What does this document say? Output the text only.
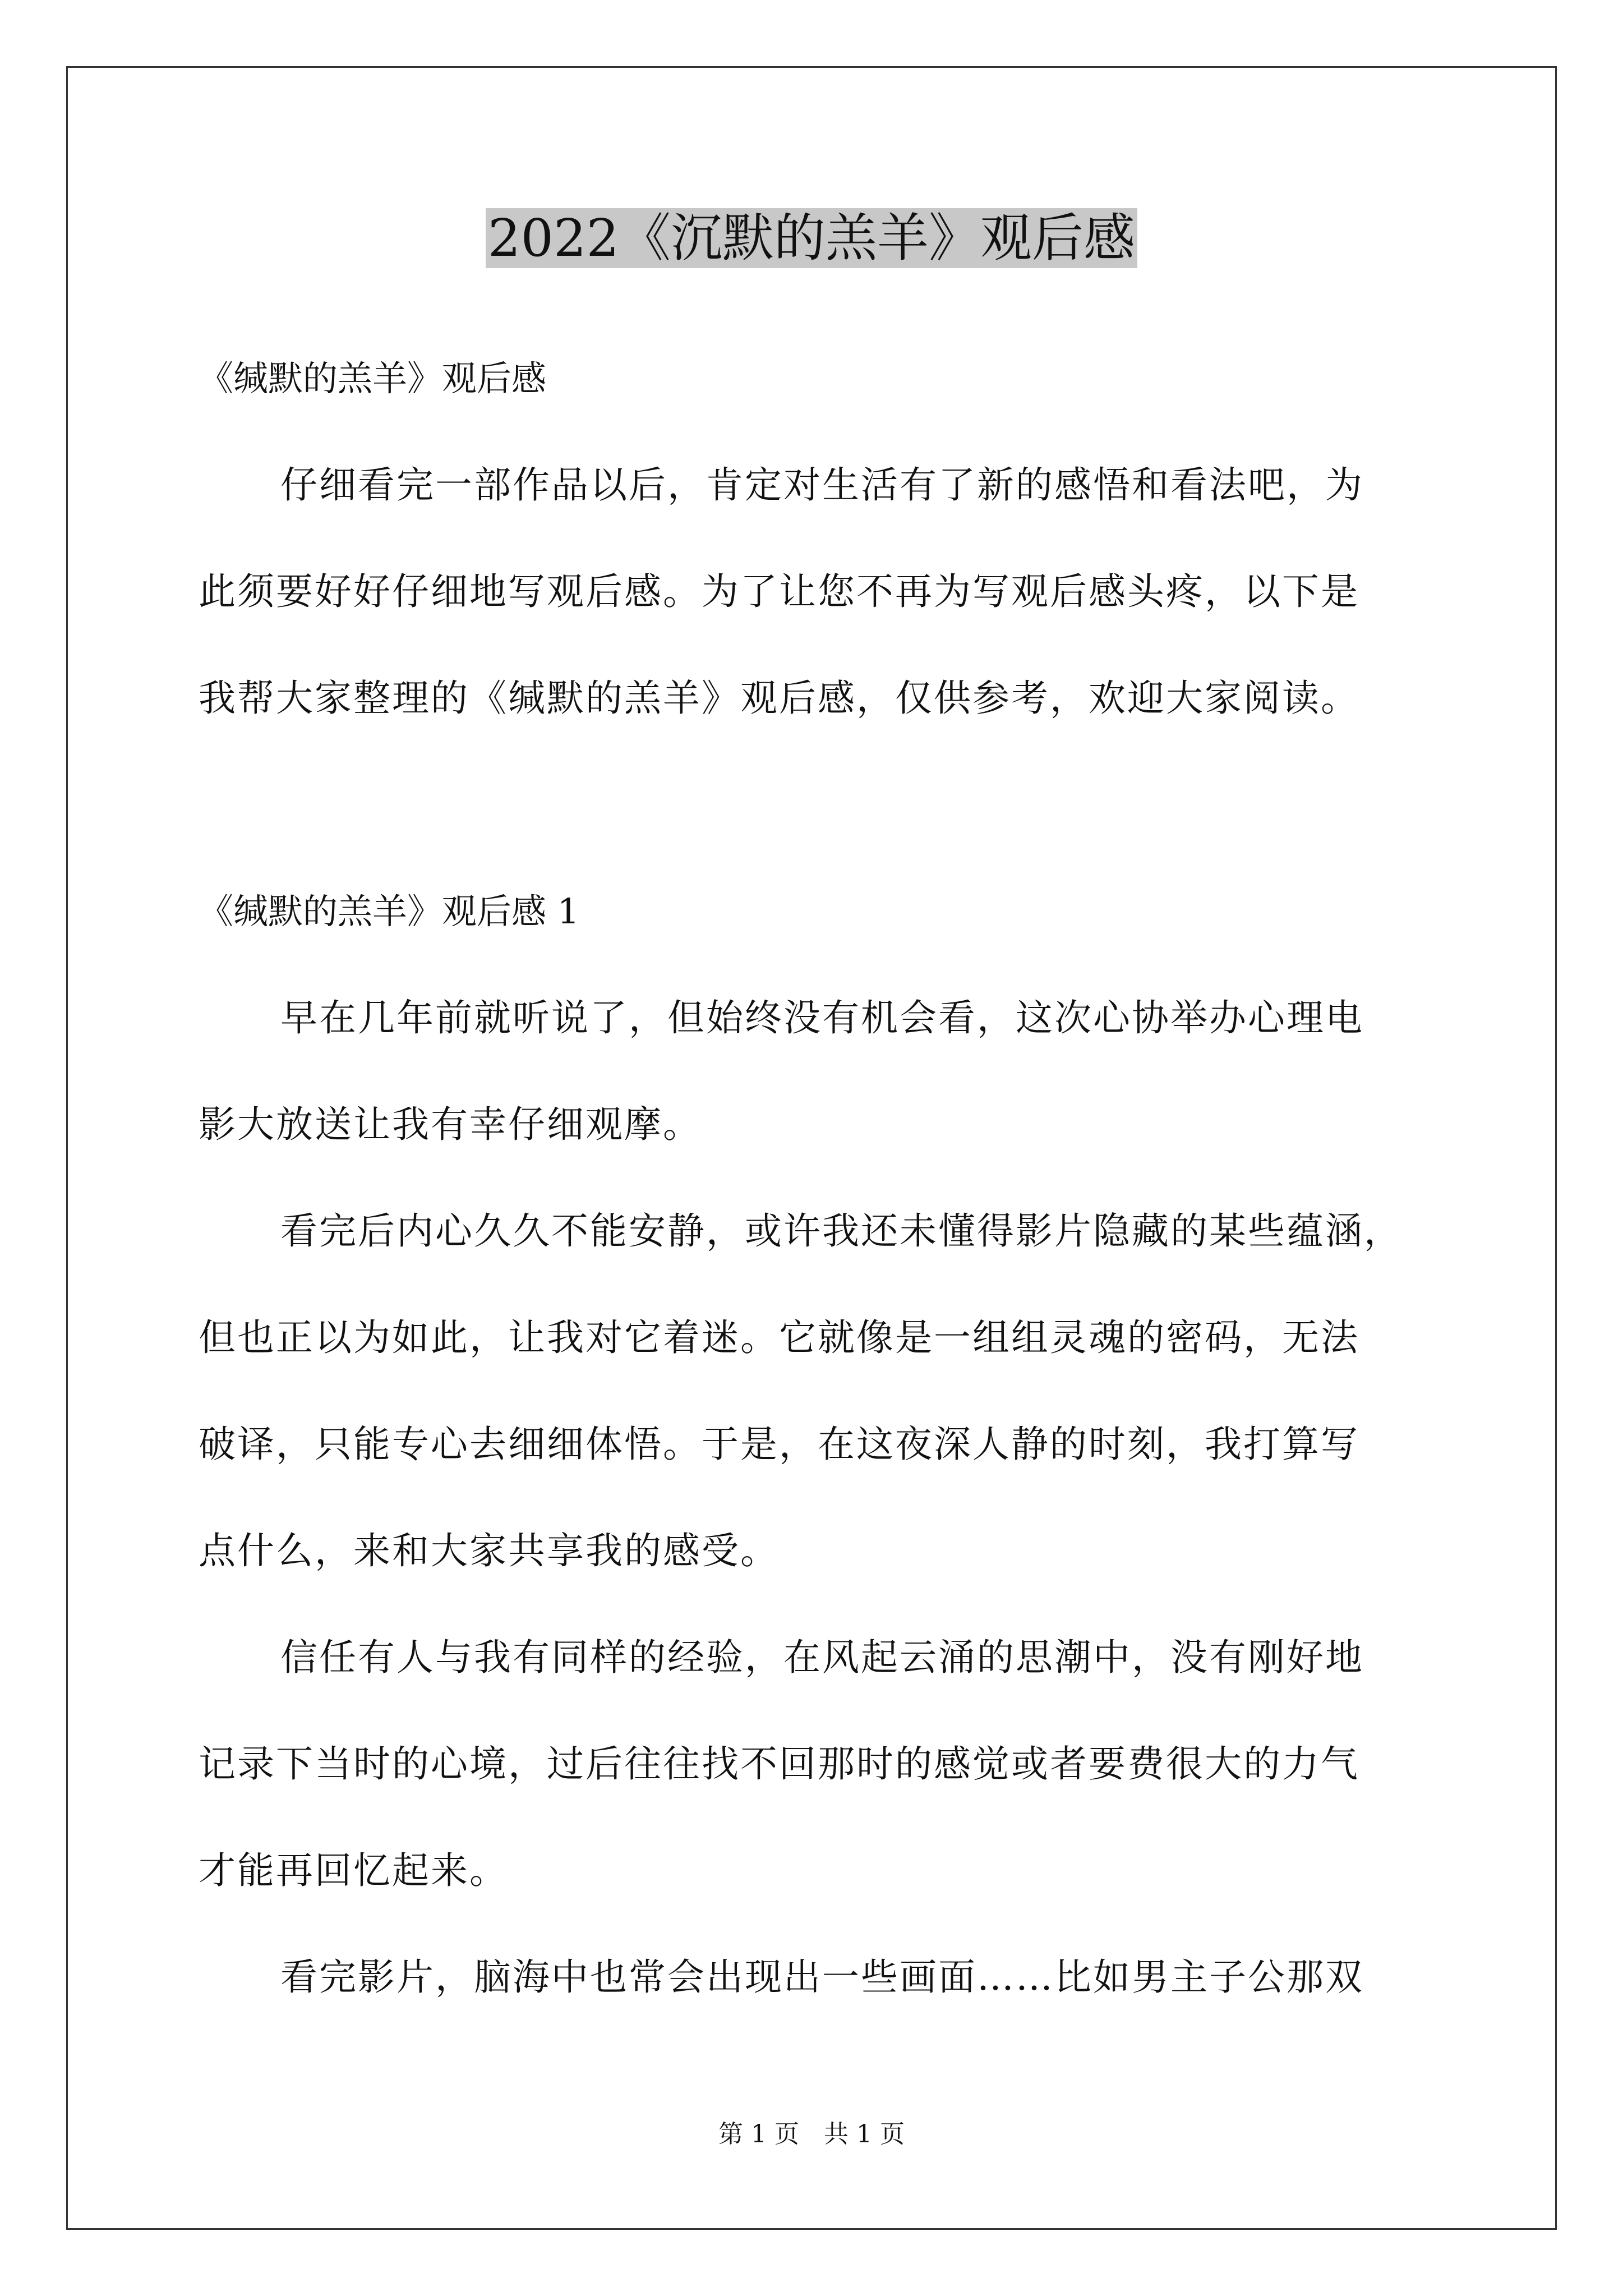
2022《沉默的羔羊》观后感
《缄默的羔羊》观后感
仔细看完一部作品以后，肯定对生活有了新的感悟和看法吧，为
此须要好好仔细地写观后感。为了让您不再为写观后感头疼，以下是
我帮大家整理的《缄默的羔羊》观后感，仅供参考，欢迎大家阅读。
《缄默的羔羊》观后感 1
早在几年前就听说了，但始终没有机会看，这次心协举办心理电
影大放送让我有幸仔细观摩。
看完后内心久久不能安静，或许我还未懂得影片隐藏的某些蕴涵，
但也正以为如此，让我对它着迷。它就像是一组组灵魂的密码，无法
破译，只能专心去细细体悟。于是，在这夜深人静的时刻，我打算写
点什么，来和大家共享我的感受。
信任有人与我有同样的经验，在风起云涌的思潮中，没有刚好地
记录下当时的心境，过后往往找不回那时的感觉或者要费很大的力气
才能再回忆起来。
看完影片，脑海中也常会出现出一些画面……比如男主子公那双
第 1 页　共 1 页
